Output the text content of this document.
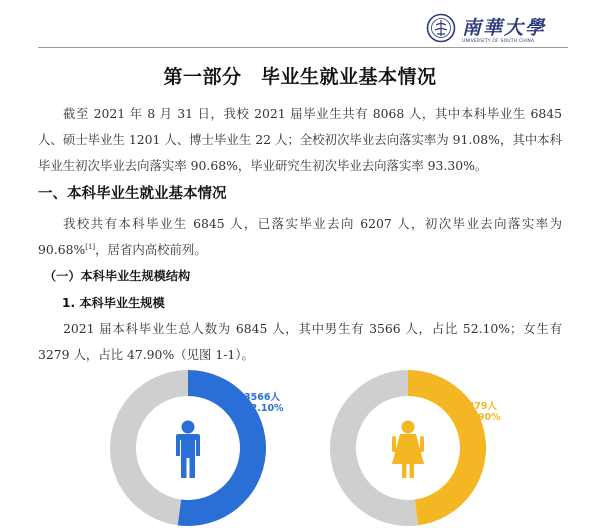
南華大學
UNIVERSITY OF SOUTH CHINA
第一部分　毕业生就业基本情况
截至 2021 年 8 月 31 日，我校 2021 届毕业生共有 8068 人，其中本科毕业生 6845 人、硕士毕业生 1201 人、博士毕业生 22 人；全校初次毕业去向落实率为 91.08%，其中本科毕业生初次毕业去向落实率 90.68%，毕业研究生初次毕业去向落实率 93.30%。
一、本科毕业生就业基本情况
我校共有本科毕业生 6845 人，已落实毕业去向 6207 人，初次毕业去向落实率为 90.68%[1]，居省内高校前列。
（一）本科毕业生规模结构
1. 本科毕业生规模
2021 届本科毕业生总人数为 6845 人，其中男生有 3566 人，占比 52.10%；女生有 3279 人，占比 47.90%（见图 1-1）。
3566人
52.10%	3279人
47.90%
